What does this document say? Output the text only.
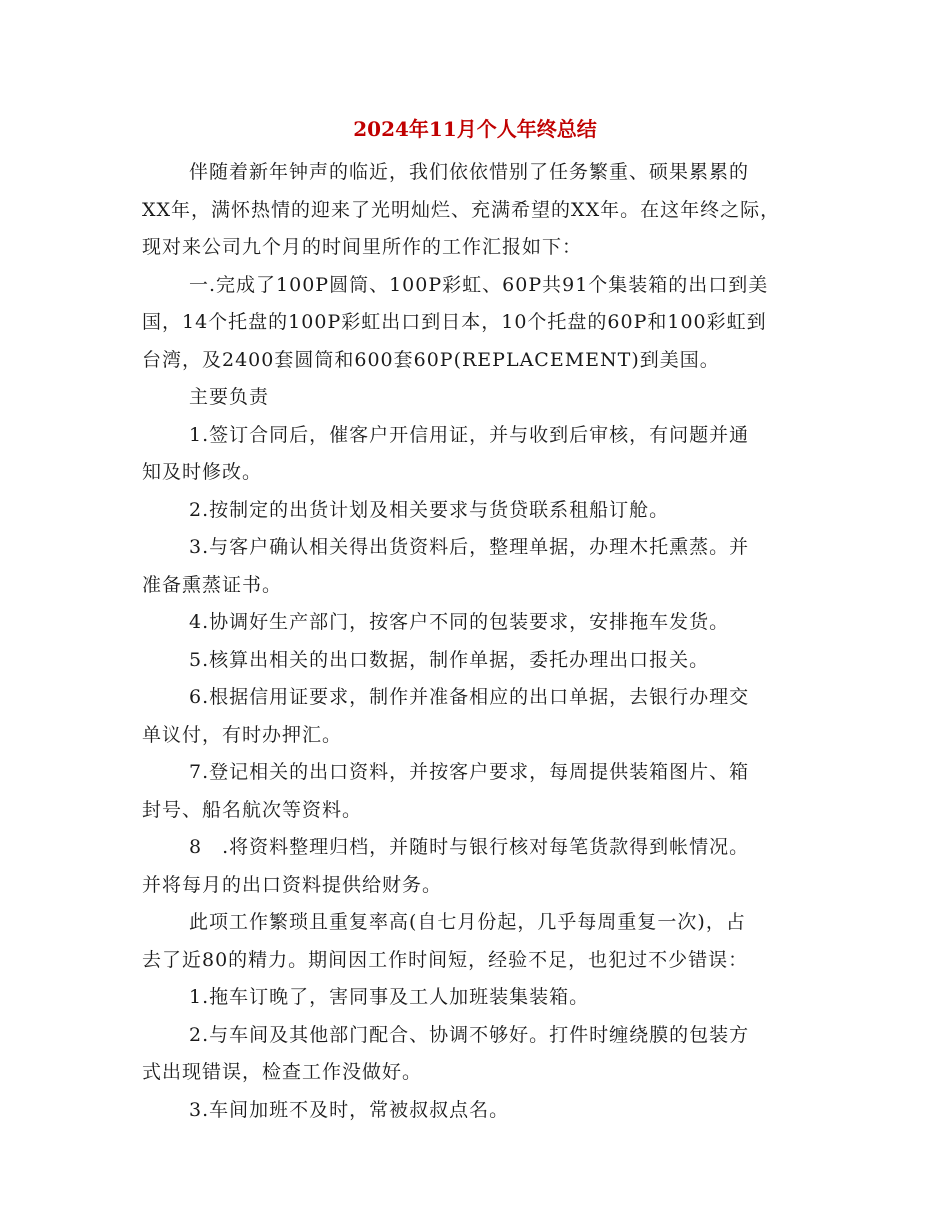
2024年11月个人年终总结
伴随着新年钟声的临近，我们依依惜别了任务繁重、硕果累累的
XX年，满怀热情的迎来了光明灿烂、充满希望的XX年。在这年终之际，
现对来公司九个月的时间里所作的工作汇报如下：
一.完成了100P圆筒、100P彩虹、60P共91个集装箱的出口到美
国，14个托盘的100P彩虹出口到日本，10个托盘的60P和100彩虹到
台湾，及2400套圆筒和600套60P(REPLACEMENT)到美国。
主要负责
1.签订合同后，催客户开信用证，并与收到后审核，有问题并通
知及时修改。
2.按制定的出货计划及相关要求与货贷联系租船订舱。
3.与客户确认相关得出货资料后，整理单据，办理木托熏蒸。并
准备熏蒸证书。
4.协调好生产部门，按客户不同的包装要求，安排拖车发货。
5.核算出相关的出口数据，制作单据，委托办理出口报关。
6.根据信用证要求，制作并准备相应的出口单据，去银行办理交
单议付，有时办押汇。
7.登记相关的出口资料，并按客户要求，每周提供装箱图片、箱
封号、船名航次等资料。
8　.将资料整理归档，并随时与银行核对每笔货款得到帐情况。
并将每月的出口资料提供给财务。
此项工作繁琐且重复率高(自七月份起，几乎每周重复一次)，占
去了近80的精力。期间因工作时间短，经验不足，也犯过不少错误：
1.拖车订晚了，害同事及工人加班装集装箱。
2.与车间及其他部门配合、协调不够好。打件时缠绕膜的包装方
式出现错误，检查工作没做好。
3.车间加班不及时，常被叔叔点名。
